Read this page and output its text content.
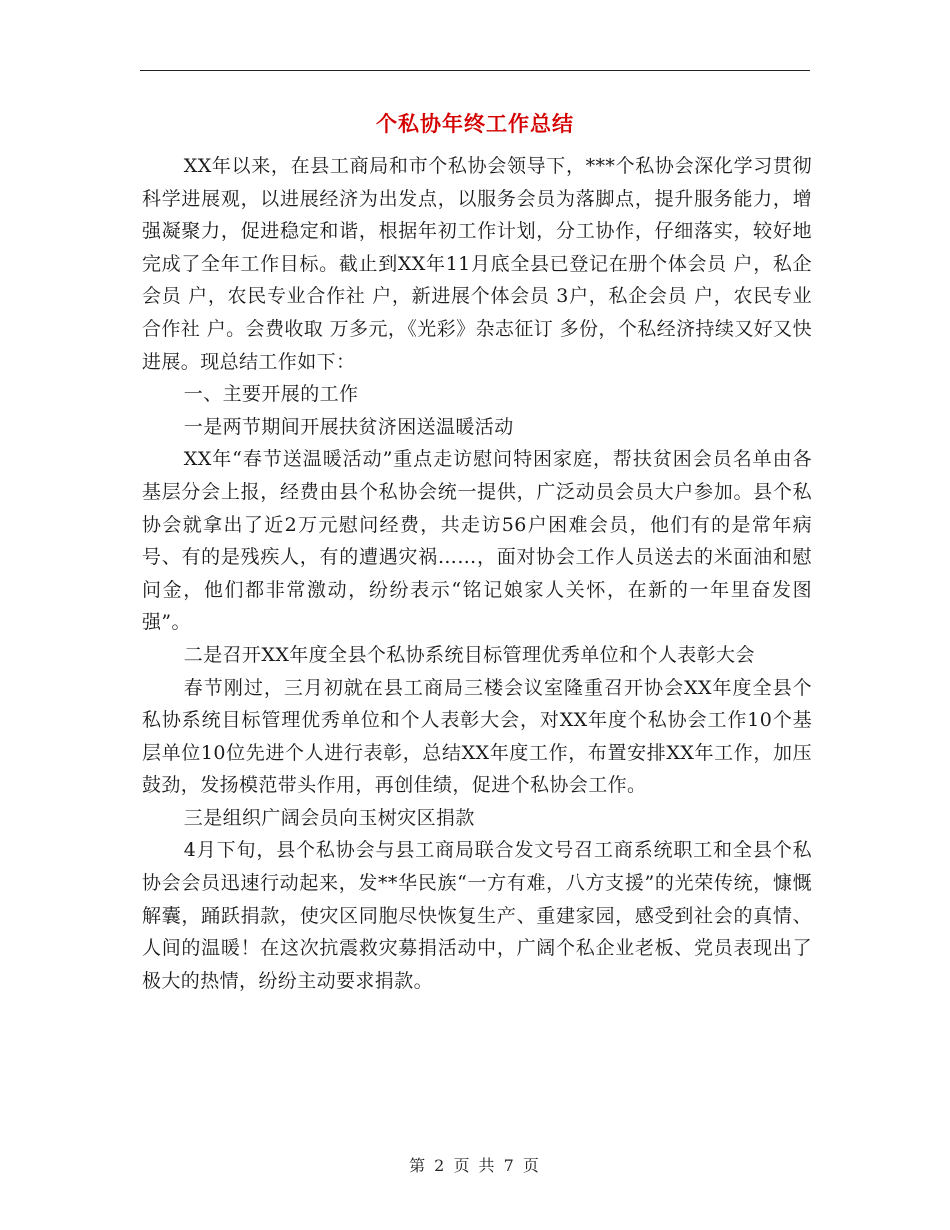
个私协年终工作总结

XX年以来，在县工商局和市个私协会领导下，***个私协会深化学习贯彻科学进展观，以进展经济为出发点，以服务会员为落脚点，提升服务能力，增强凝聚力，促进稳定和谐，根据年初工作计划，分工协作，仔细落实，较好地完成了全年工作目标。截止到XX年11月底全县已登记在册个体会员 户，私企会员 户，农民专业合作社 户，新进展个体会员 3户，私企会员 户，农民专业合作社 户。会费收取 万多元，《光彩》杂志征订 多份，个私经济持续又好又快进展。现总结工作如下：

一、主要开展的工作

一是两节期间开展扶贫济困送温暖活动

XX年“春节送温暖活动”重点走访慰问特困家庭，帮扶贫困会员名单由各基层分会上报，经费由县个私协会统一提供，广泛动员会员大户参加。县个私协会就拿出了近2万元慰问经费，共走访56户困难会员，他们有的是常年病号、有的是残疾人，有的遭遇灾祸……，面对协会工作人员送去的米面油和慰问金，他们都非常激动，纷纷表示“铭记娘家人关怀，在新的一年里奋发图强”。

二是召开XX年度全县个私协系统目标管理优秀单位和个人表彰大会

春节刚过，三月初就在县工商局三楼会议室隆重召开协会XX年度全县个私协系统目标管理优秀单位和个人表彰大会，对XX年度个私协会工作10个基层单位10位先进个人进行表彰，总结XX年度工作，布置安排XX年工作，加压鼓劲，发扬模范带头作用，再创佳绩，促进个私协会工作。

三是组织广阔会员向玉树灾区捐款

4月下旬，县个私协会与县工商局联合发文号召工商系统职工和全县个私协会会员迅速行动起来，发**华民族“一方有难，八方支援”的光荣传统，慷慨解囊，踊跃捐款，使灾区同胞尽快恢复生产、重建家园，感受到社会的真情、人间的温暖！在这次抗震救灾募捐活动中，广阔个私企业老板、党员表现出了极大的热情，纷纷主动要求捐款。

第 2 页 共 7 页
